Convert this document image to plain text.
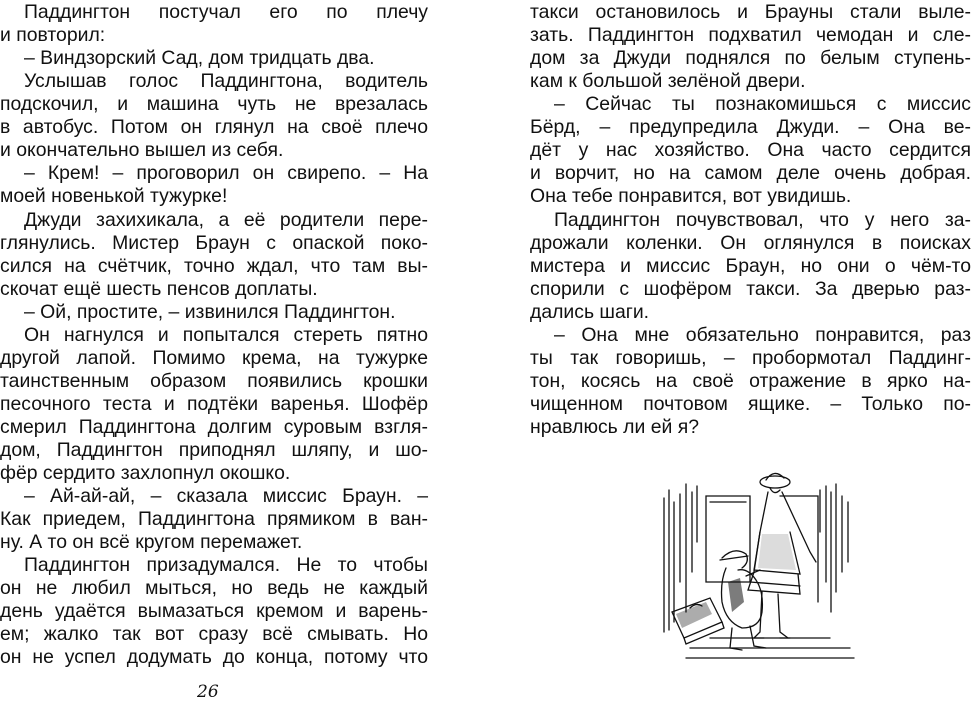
Паддингтон постучал его по плечу
и повторил:
– Виндзорский Сад, дом тридцать два.
Услышав голос Паддингтона, водитель
подскочил, и машина чуть не врезалась
в автобус. Потом он глянул на своё плечо
и окончательно вышел из себя.
– Крем! – проговорил он свирепо. – На
моей новенькой тужурке!
Джуди захихикала, а её родители пере-
глянулись. Мистер Браун с опаской поко-
сился на счётчик, точно ждал, что там вы-
скочат ещё шесть пенсов доплаты.
– Ой, простите, – извинился Паддингтон.
Он нагнулся и попытался стереть пятно
другой лапой. Помимо крема, на тужурке
таинственным образом появились крошки
песочного теста и подтёки варенья. Шофёр
смерил Паддингтона долгим суровым взгля-
дом, Паддингтон приподнял шляпу, и шо-
фёр сердито захлопнул окошко.
– Ай-ай-ай, – сказала миссис Браун. –
Как приедем, Паддингтона прямиком в ван-
ну. А то он всё кругом перемажет.
Паддингтон призадумался. Не то чтобы
он не любил мыться, но ведь не каждый
день удаётся вымазаться кремом и варень-
ем; жалко так вот сразу всё смывать. Но
он не успел додумать до конца, потому что
26
такси остановилось и Брауны стали выле-
зать. Паддингтон подхватил чемодан и сле-
дом за Джуди поднялся по белым ступень-
кам к большой зелёной двери.
– Сейчас ты познакомишься с миссис
Бёрд, – предупредила Джуди. – Она ве-
дёт у нас хозяйство. Она часто сердится
и ворчит, но на самом деле очень добрая.
Она тебе понравится, вот увидишь.
Паддингтон почувствовал, что у него за-
дрожали коленки. Он оглянулся в поисках
мистера и миссис Браун, но они о чём-то
спорили с шофёром такси. За дверью раз-
дались шаги.
– Она мне обязательно понравится, раз
ты так говоришь, – пробормотал Паддинг-
тон, косясь на своё отражение в ярко на-
чищенном почтовом ящике. – Только по-
нравлюсь ли ей я?
